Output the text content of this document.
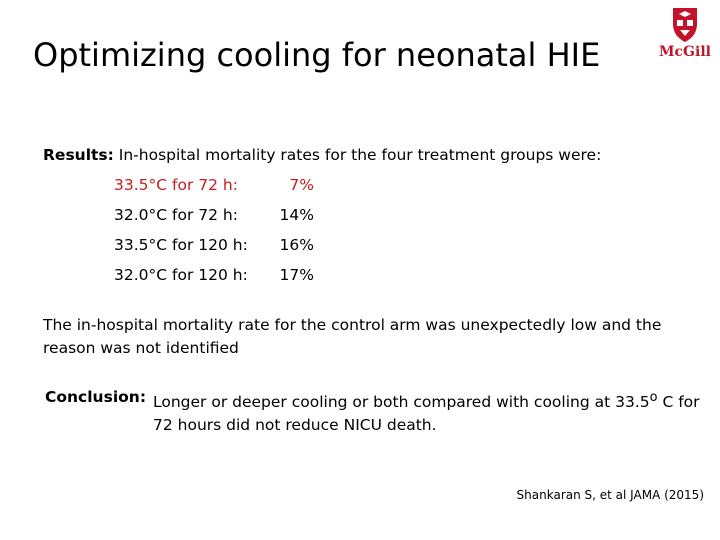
Optimizing cooling for neonatal HIE	McGill
Results: In-hospital mortality rates for the four treatment groups were:
33.5°C for 72 h:	7%
32.0°C for 72 h:	14%
33.5°C for 120 h: 16%
32.0°C for 120 h: 17%
The in-hospital mortality rate for the control arm was unexpectedly low and the reason was not identified
Conclusion: Longer or deeper cooling or both compared with cooling at 33.5$^o$ C for 72 hours did not reduce NICU death.
Shankaran S, et al JAMA (2015)
